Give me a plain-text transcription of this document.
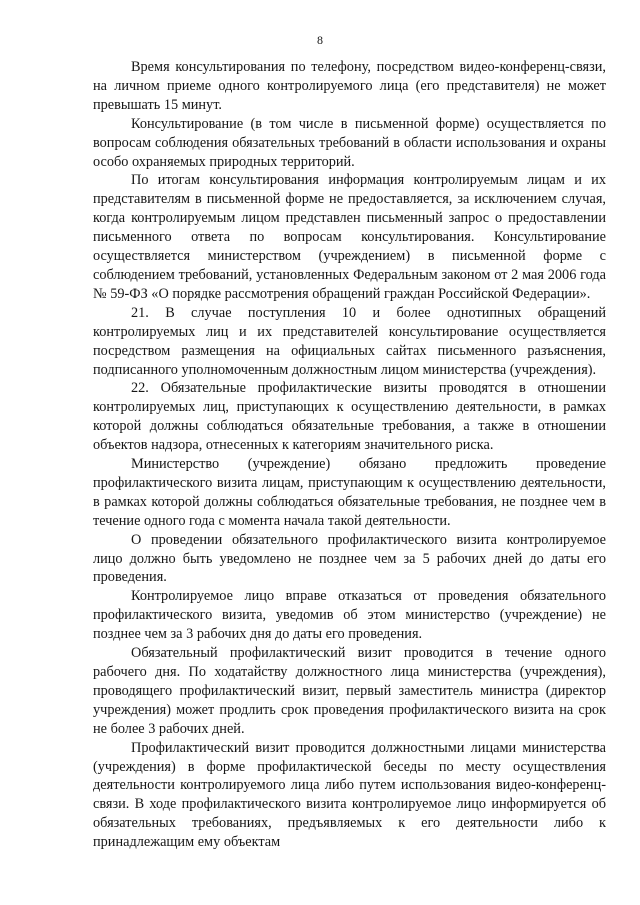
8

Время консультирования по телефону, посредством видео-конференц-связи, на личном приеме одного контролируемого лица (его представителя) не может превышать 15 минут.

Консультирование (в том числе в письменной форме) осуществляется по вопросам соблюдения обязательных требований в области использования и охраны особо охраняемых природных территорий.

По итогам консультирования информация контролируемым лицам и их представителям в письменной форме не предоставляется, за исключением случая, когда контролируемым лицом представлен письменный запрос о предоставлении письменного ответа по вопросам консультирования. Консультирование осуществляется министерством (учреждением) в письменной форме с соблюдением требований, установленных Федеральным законом от 2 мая 2006 года № 59-ФЗ «О порядке рассмотрения обращений граждан Российской Федерации».

21. В случае поступления 10 и более однотипных обращений контролируемых лиц и их представителей консультирование осуществляется посредством размещения на официальных сайтах письменного разъяснения, подписанного уполномоченным должностным лицом министерства (учреждения).

22. Обязательные профилактические визиты проводятся в отношении контролируемых лиц, приступающих к осуществлению деятельности, в рамках которой должны соблюдаться обязательные требования, а также в отношении объектов надзора, отнесенных к категориям значительного риска.

Министерство (учреждение) обязано предложить проведение профилактического визита лицам, приступающим к осуществлению деятельности, в рамках которой должны соблюдаться обязательные требования, не позднее чем в течение одного года с момента начала такой деятельности.

О проведении обязательного профилактического визита контролируемое лицо должно быть уведомлено не позднее чем за 5 рабочих дней до даты его проведения.

Контролируемое лицо вправе отказаться от проведения обязательного профилактического визита, уведомив об этом министерство (учреждение) не позднее чем за 3 рабочих дня до даты его проведения.

Обязательный профилактический визит проводится в течение одного рабочего дня. По ходатайству должностного лица министерства (учреждения), проводящего профилактический визит, первый заместитель министра (директор учреждения) может продлить срок проведения профилактического визита на срок не более 3 рабочих дней.

Профилактический визит проводится должностными лицами министерства (учреждения) в форме профилактической беседы по месту осуществления деятельности контролируемого лица либо путем использования видео-конференц-связи. В ходе профилактического визита контролируемое лицо информируется об обязательных требованиях, предъявляемых к его деятельности либо к принадлежащим ему объектам
